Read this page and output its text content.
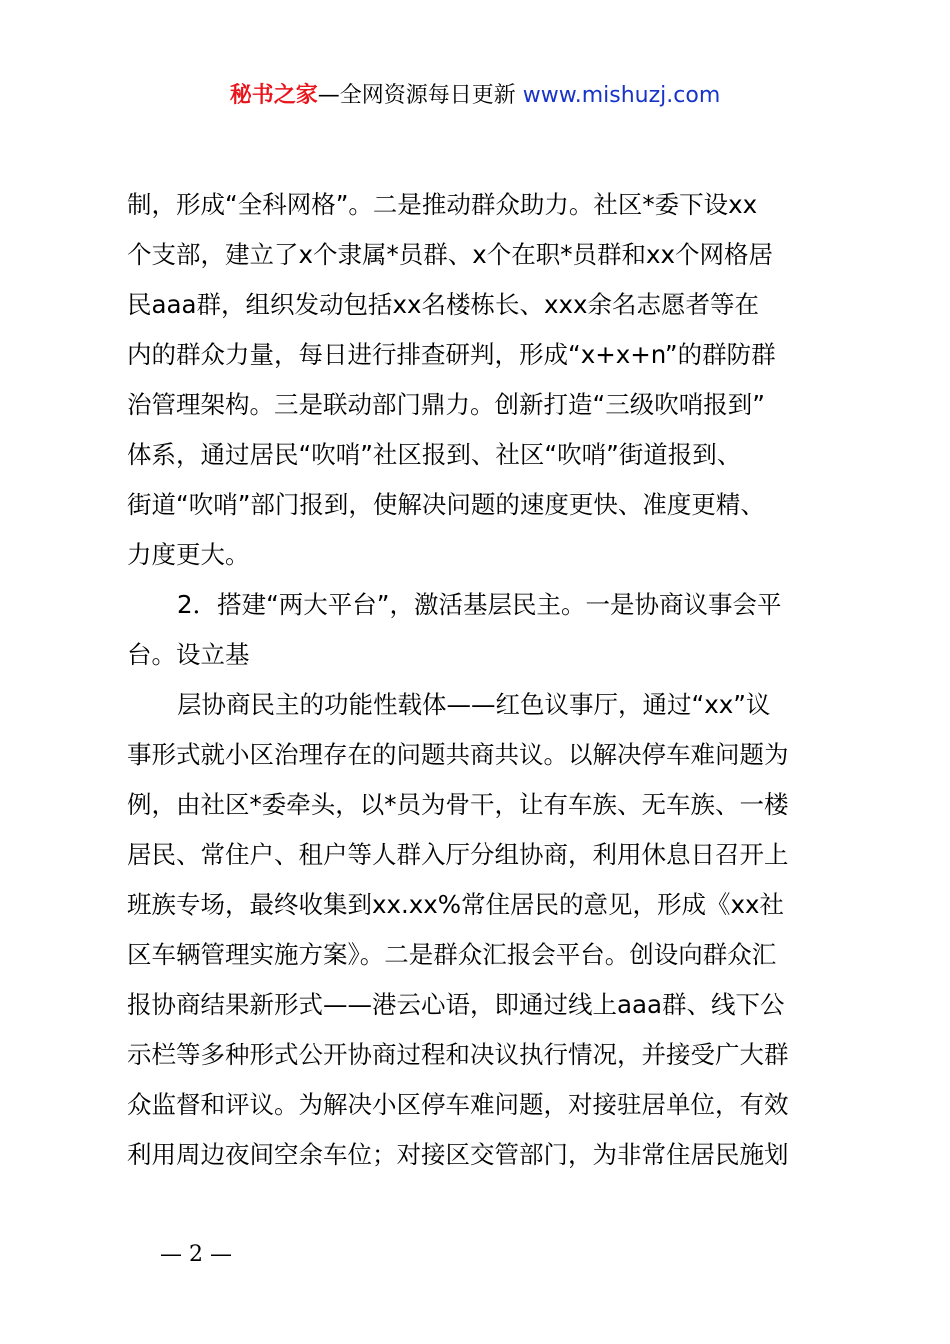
秘书之家—全网资源每日更新 www.mishuzj.com
制，形成“全科网格”。二是推动群众助力。社区*委下设xx
个支部，建立了x个隶属*员群、x个在职*员群和xx个网格居
民aaa群，组织发动包括xx名楼栋长、xxx余名志愿者等在
内的群众力量，每日进行排查研判，形成“x+x+n”的群防群
治管理架构。三是联动部门鼎力。创新打造“三级吹哨报到”
体系，通过居民“吹哨”社区报到、社区“吹哨”街道报到、
街道“吹哨”部门报到，使解决问题的速度更快、准度更精、
力度更大。
2．搭建“两大平台”，激活基层民主。一是协商议事会平
台。设立基
层协商民主的功能性载体——红色议事厅，通过“xx”议
事形式就小区治理存在的问题共商共议。以解决停车难问题为
例，由社区*委牵头，以*员为骨干，让有车族、无车族、一楼
居民、常住户、租户等人群入厅分组协商，利用休息日召开上
班族专场，最终收集到xx.xx%常住居民的意见，形成《xx社
区车辆管理实施方案》。二是群众汇报会平台。创设向群众汇
报协商结果新形式——港云心语，即通过线上aaa群、线下公
示栏等多种形式公开协商过程和决议执行情况，并接受广大群
众监督和评议。为解决小区停车难问题，对接驻居单位，有效
利用周边夜间空余车位；对接区交管部门，为非常住居民施划
— 2 —
